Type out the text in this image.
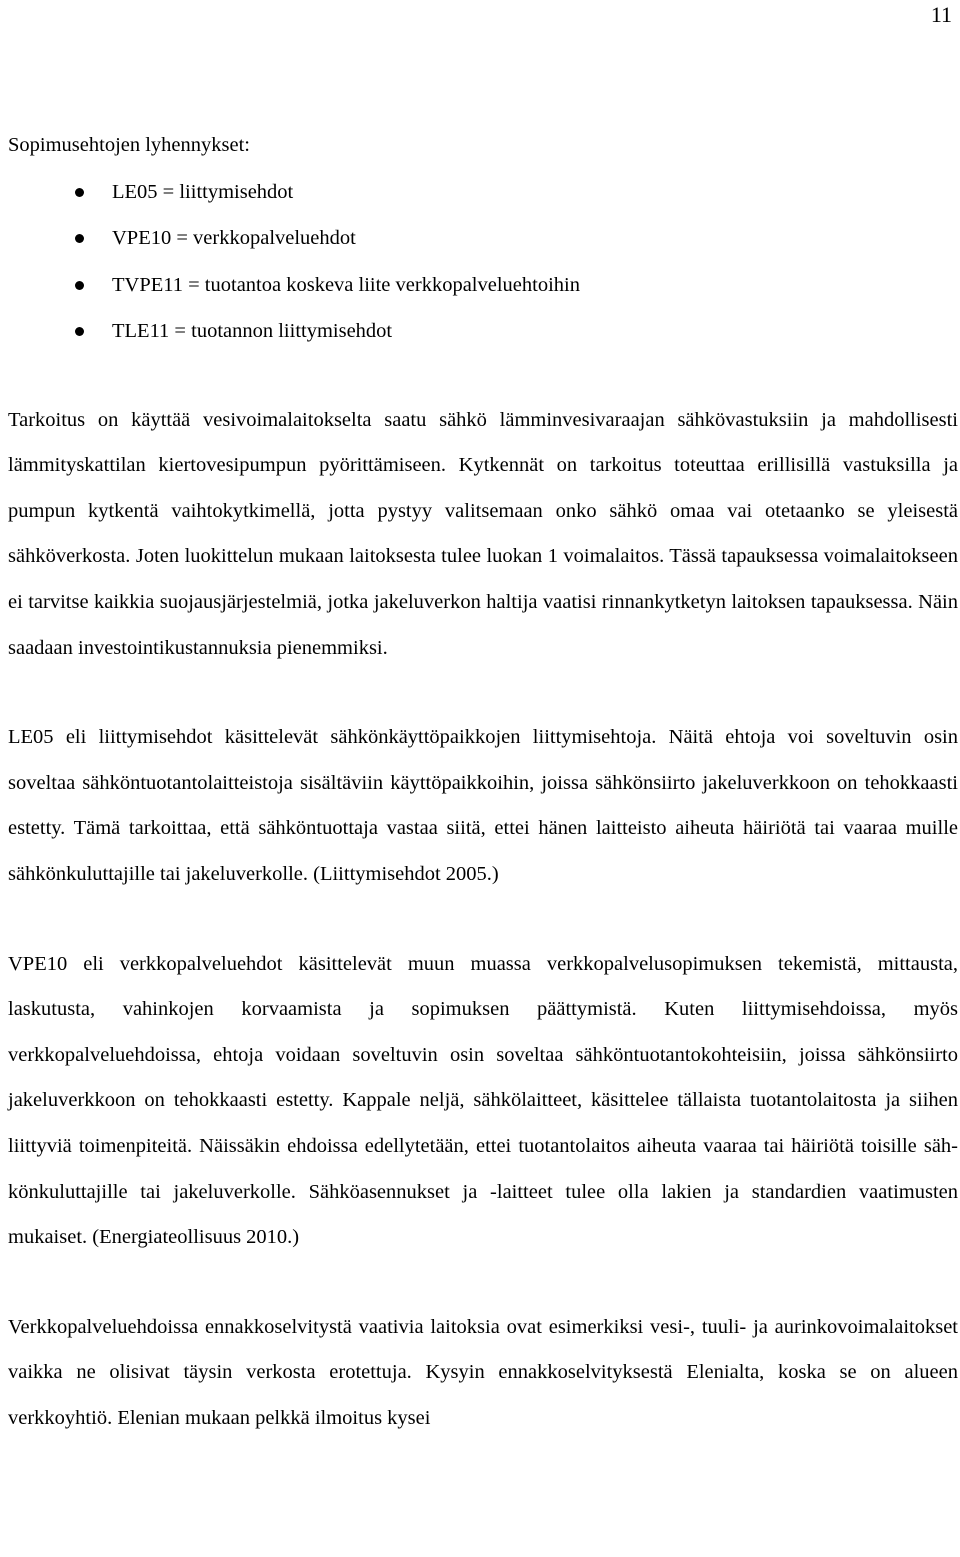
11

Sopimusehtojen lyhennykset:

LE05 = liittymisehdot
VPE10 = verkkopalveluehdot
TVPE11 = tuotantoa koskeva liite verkkopalveluehtoihin
TLE11 = tuotannon liittymisehdot

Tarkoitus on käyttää vesivoimalaitokselta saatu sähkö lämminvesivaraajan sähkövastuksiin ja mahdollisesti lämmityskattilan kiertovesipumpun pyörittämiseen. Kytkennät on tarkoitus toteuttaa erillisillä vastuksilla ja pumpun kytkentä vaihtokytkimellä, jotta pystyy valitsemaan onko sähkö omaa vai otetaanko se yleisestä sähköverkosta. Joten luokittelun mukaan laitoksesta tulee luokan 1 voimalaitos. Tässä tapauksessa voimalaitokseen ei tarvitse kaikkia suojausjärjestelmiä, jotka jakeluverkon haltija vaatisi rinnankytketyn laitoksen tapauksessa. Näin saadaan investointikustannuksia pienemmiksi.

LE05 eli liittymisehdot käsittelevät sähkönkäyttöpaikkojen liittymisehtoja. Näitä ehtoja voi soveltuvin osin soveltaa sähköntuotantolaitteistoja sisältäviin käyttöpaikkoihin, joissa sähkönsiirto jakeluverkkoon on tehokkaasti estetty. Tämä tarkoittaa, että sähköntuottaja vastaa siitä, ettei hänen laitteisto aiheuta häiriötä tai vaaraa muille sähkönkuluttajille tai jakeluverkolle. (Liittymisehdot 2005.)

VPE10 eli verkkopalveluehdot käsittelevät muun muassa verkkopalvelusopimuksen tekemistä, mittausta, laskutusta, vahinkojen korvaamista ja sopimuksen päättymistä. Kuten liittymisehdoissa, myös verkkopalveluehdoissa, ehtoja voidaan soveltuvin osin soveltaa sähköntuotantokohteisiin, joissa sähkönsiirto jakeluverkkoon on tehokkaasti estetty. Kappale neljä, sähkölaitteet, käsittelee tällaista tuotantolaitosta ja siihen liittyviä toimenpiteitä. Näissäkin ehdoissa edellytetään, ettei tuotantolaitos aiheuta vaaraa tai häiriötä toisille sähkönkuluttajille tai jakeluverkolle. Sähköasennukset ja -laitteet tulee olla lakien ja standardien vaatimusten mukaiset. (Energiateollisuus 2010.)

Verkkopalveluehdoissa ennakkoselvitystä vaativia laitoksia ovat esimerkiksi vesi-, tuuli- ja aurinkovoimalaitokset vaikka ne olisivat täysin verkosta erotettuja. Kysyin ennakkoselvityksestä Elenialta, koska se on alueen verkkoyhtiö. Elenian mukaan pelkkä ilmoitus kysei
